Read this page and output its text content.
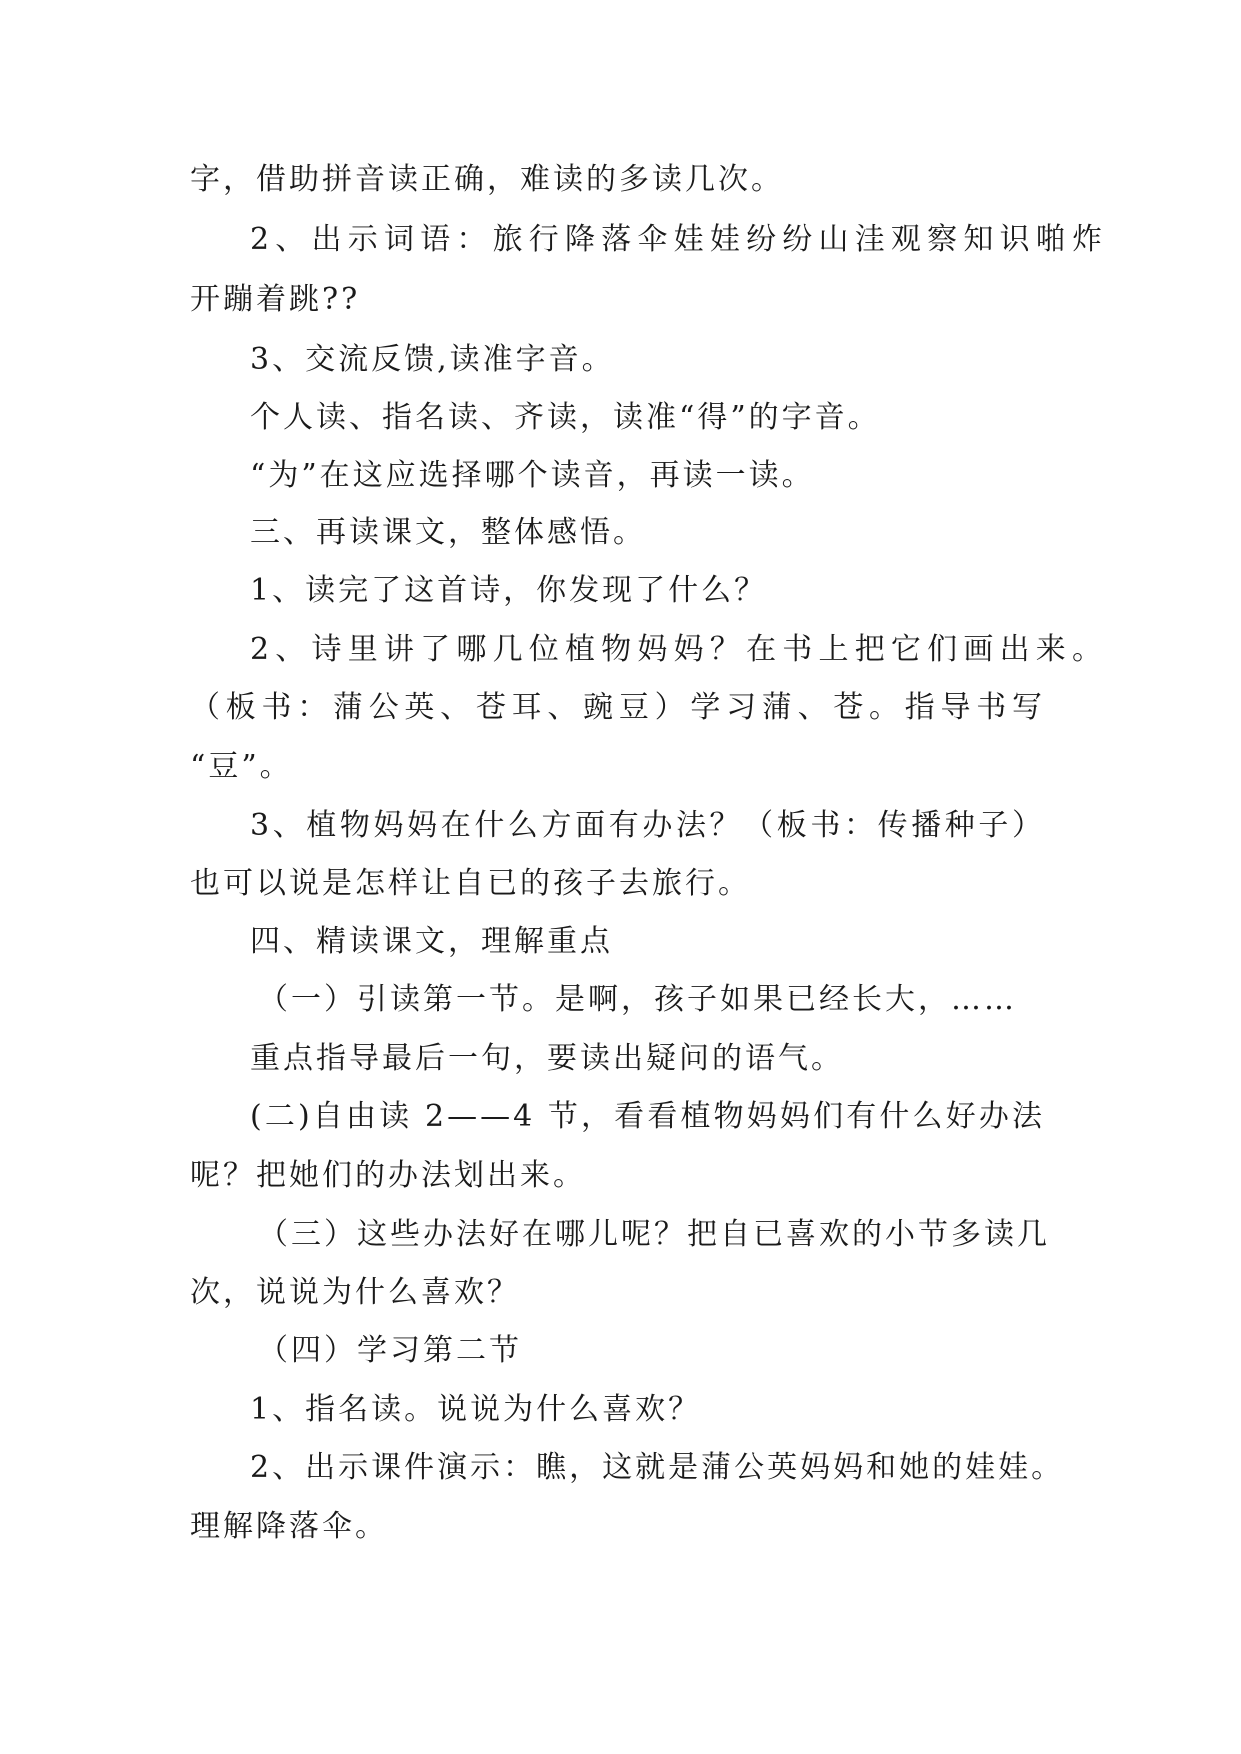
字，借助拼音读正确，难读的多读几次。
2、出示词语：旅行降落伞娃娃纷纷山洼观察知识啪炸
开蹦着跳??
3、交流反馈,读准字音。
个人读、指名读、齐读，读准“得”的字音。
“为”在这应选择哪个读音，再读一读。
三、再读课文，整体感悟。
1、读完了这首诗，你发现了什么？
2、诗里讲了哪几位植物妈妈？在书上把它们画出来。
（板书：蒲公英、苍耳、豌豆）学习蒲、苍。指导书写
“豆”。
3、植物妈妈在什么方面有办法？（板书：传播种子）
也可以说是怎样让自已的孩子去旅行。
四、精读课文，理解重点
（一）引读第一节。是啊，孩子如果已经长大，……
重点指导最后一句，要读出疑问的语气。
(二)自由读 2——4 节，看看植物妈妈们有什么好办法
呢？把她们的办法划出来。
（三）这些办法好在哪儿呢？把自已喜欢的小节多读几
次，说说为什么喜欢？
（四）学习第二节
1、指名读。说说为什么喜欢？
2、出示课件演示：瞧，这就是蒲公英妈妈和她的娃娃。
理解降落伞。
